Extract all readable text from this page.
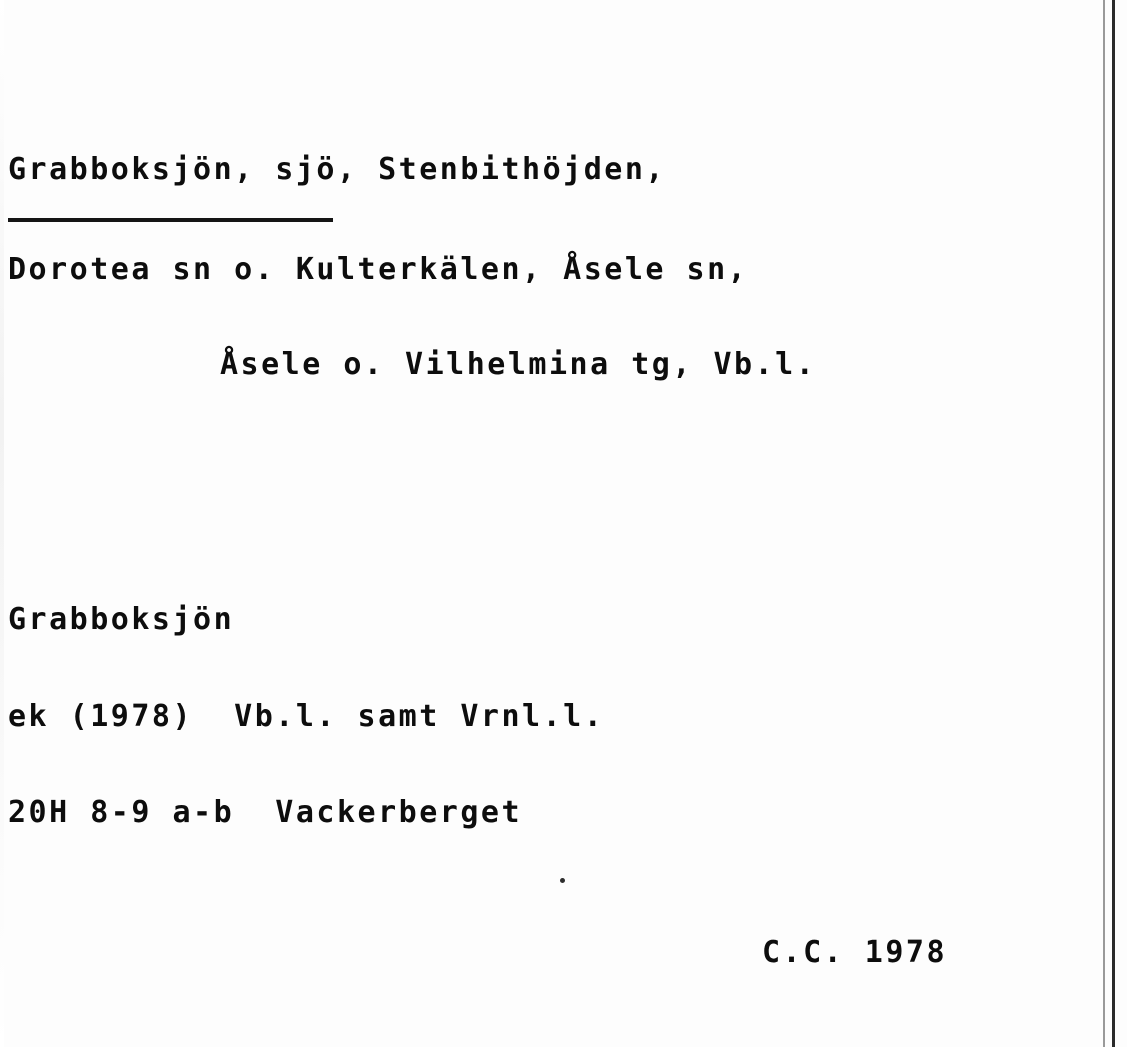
Grabboksjön, sjö, Stenbithöjden,
Dorotea sn o. Kulterkälen, Åsele sn,
Åsele o. Vilhelmina tg, Vb.l.
Grabboksjön
ek (1978)  Vb.l. samt Vrnl.l.
20H 8-9 a-b  Vackerberget
C.C. 1978
